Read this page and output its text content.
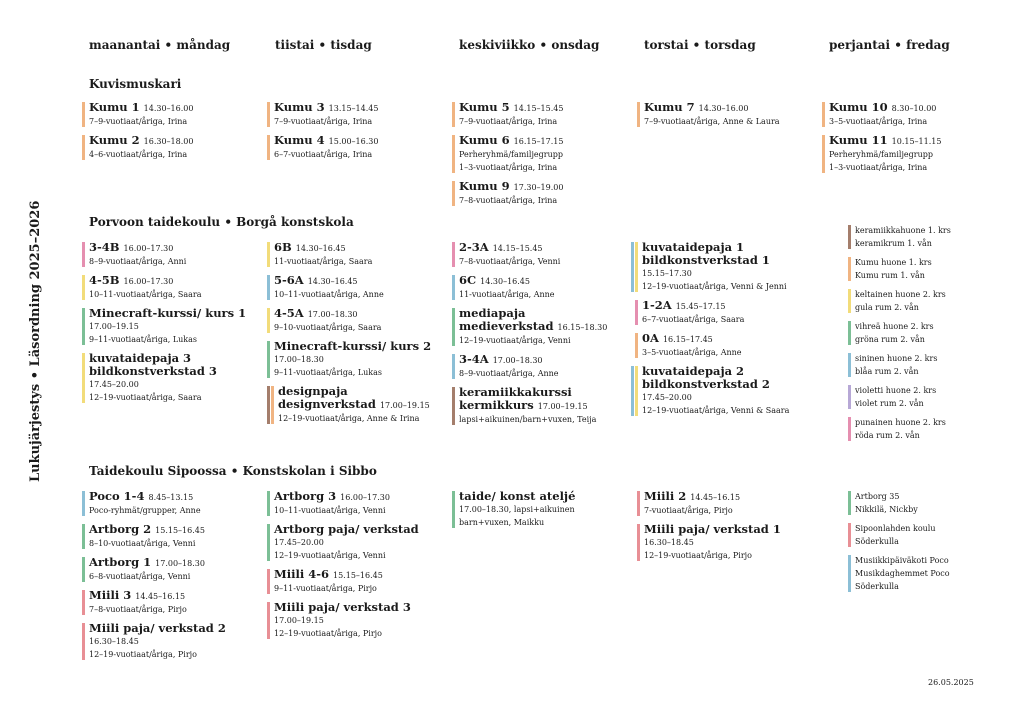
Lukujärjestys • Läsordning 2025–2026
maanantai • måndag	tiistai • tisdag	keskiviikko • onsdag	torstai • torsdag	perjantai • fredag
Kuvismuskari
Kumu 1 14.30–16.00
7–9-vuotiaat/åriga, Irina
Kumu 2 16.30–18.00
4–6-vuotiaat/åriga, Irina
Kumu 3 13.15–14.45
7–9-vuotiaat/åriga, Irina
Kumu 4 15.00–16.30
6–7-vuotiaat/åriga, Irina
Kumu 5 14.15–15.45
7–9-vuotiaat/åriga, Irina
Kumu 6 16.15–17.15
Perheryhmä/familjegrupp
1–3-vuotiaat/åriga, Irina
Kumu 9 17.30–19.00
7–8-vuotiaat/åriga, Irina
Kumu 7 14.30–16.00
7–9-vuotiaat/åriga, Anne & Laura
Kumu 10 8.30–10.00
3–5-vuotiaat/åriga, Irina
Kumu 11 10.15–11.15
Perheryhmä/familjegrupp
1–3-vuotiaat/åriga, Irina
Porvoon taidekoulu • Borgå konstskola
3-4B 16.00–17.30
8–9-vuotiaat/åriga, Anni
4-5B 16.00–17.30
10–11-vuotiaat/åriga, Saara
Minecraft-kurssi/ kurs 1
17.00–19.15
9–11-vuotiaat/åriga, Lukas
kuvataidepaja 3
bildkonstverkstad 3
17.45–20.00
12–19-vuotiaat/åriga, Saara
6B 14.30–16.45
11-vuotiaat/åriga, Saara
5-6A 14.30–16.45
10–11-vuotiaat/åriga, Anne
4-5A 17.00–18.30
9–10-vuotiaat/åriga, Saara
Minecraft-kurssi/ kurs 2
17.00–18.30
9–11-vuotiaat/åriga, Lukas
designpaja
designverkstad 17.00–19.15
12–19-vuotiaat/åriga, Anne & Irina
2-3A 14.15–15.45
7–8-vuotiaat/åriga, Venni
6C 14.30–16.45
11-vuotiaat/åriga, Anne
mediapaja
medieverkstad 16.15–18.30
12–19-vuotiaat/åriga, Venni
3-4A 17.00–18.30
8–9-vuotiaat/åriga, Anne
keramiikkakurssi
kermikkurs 17.00–19.15
lapsi+aikuinen/barn+vuxen, Teija
kuvataidepaja 1
bildkonstverkstad 1
15.15–17.30
12–19-vuotiaat/åriga, Venni & Jenni
1-2A 15.45–17.15
6–7-vuotiaat/åriga, Saara
0A 16.15–17.45
3–5-vuotiaat/åriga, Anne
kuvataidepaja 2
bildkonstverkstad 2
17.45–20.00
12–19-vuotiaat/åriga, Venni & Saara
keramiikkahuone 1. krs
keramikrum 1. vån
Kumu huone 1. krs
Kumu rum 1. vån
keltainen huone 2. krs
gula rum 2. vån
vihreä huone 2. krs
gröna rum 2. vån
sininen huone 2. krs
blåa rum 2. vån
violetti huone 2. krs
violet rum 2. vån
punainen huone 2. krs
röda rum 2. vån
Taidekoulu Sipoossa • Konstskolan i Sibbo
Poco 1-4 8.45–13.15
Poco-ryhmät/grupper, Anne
Artborg 2 15.15–16.45
8–10-vuotiaat/åriga, Venni
Artborg 1 17.00–18.30
6–8-vuotiaat/åriga, Venni
Miili 3 14.45–16.15
7–8-vuotiaat/åriga, Pirjo
Miili paja/ verkstad 2
16.30–18.45
12–19-vuotiaat/åriga, Pirjo
Artborg 3 16.00–17.30
10–11-vuotiaat/åriga, Venni
Artborg paja/ verkstad
17.45–20.00
12–19-vuotiaat/åriga, Venni
Miili 4-6 15.15–16.45
9–11-vuotiaat/åriga, Pirjo
Miili paja/ verkstad 3
17.00–19.15
12–19-vuotiaat/åriga, Pirjo
taide/ konst ateljé
17.00–18.30, lapsi+aikuinen
barn+vuxen, Maikku
Miili 2 14.45–16.15
7-vuotiaat/åriga, Pirjo
Miili paja/ verkstad 1
16.30–18.45
12–19-vuotiaat/åriga, Pirjo
Artborg 35
Nikkilä, Nickby
Sipoonlahden koulu
Söderkulla
Musiikkipäiväkoti Poco
Musikdaghemmet Poco
Söderkulla
26.05.2025
